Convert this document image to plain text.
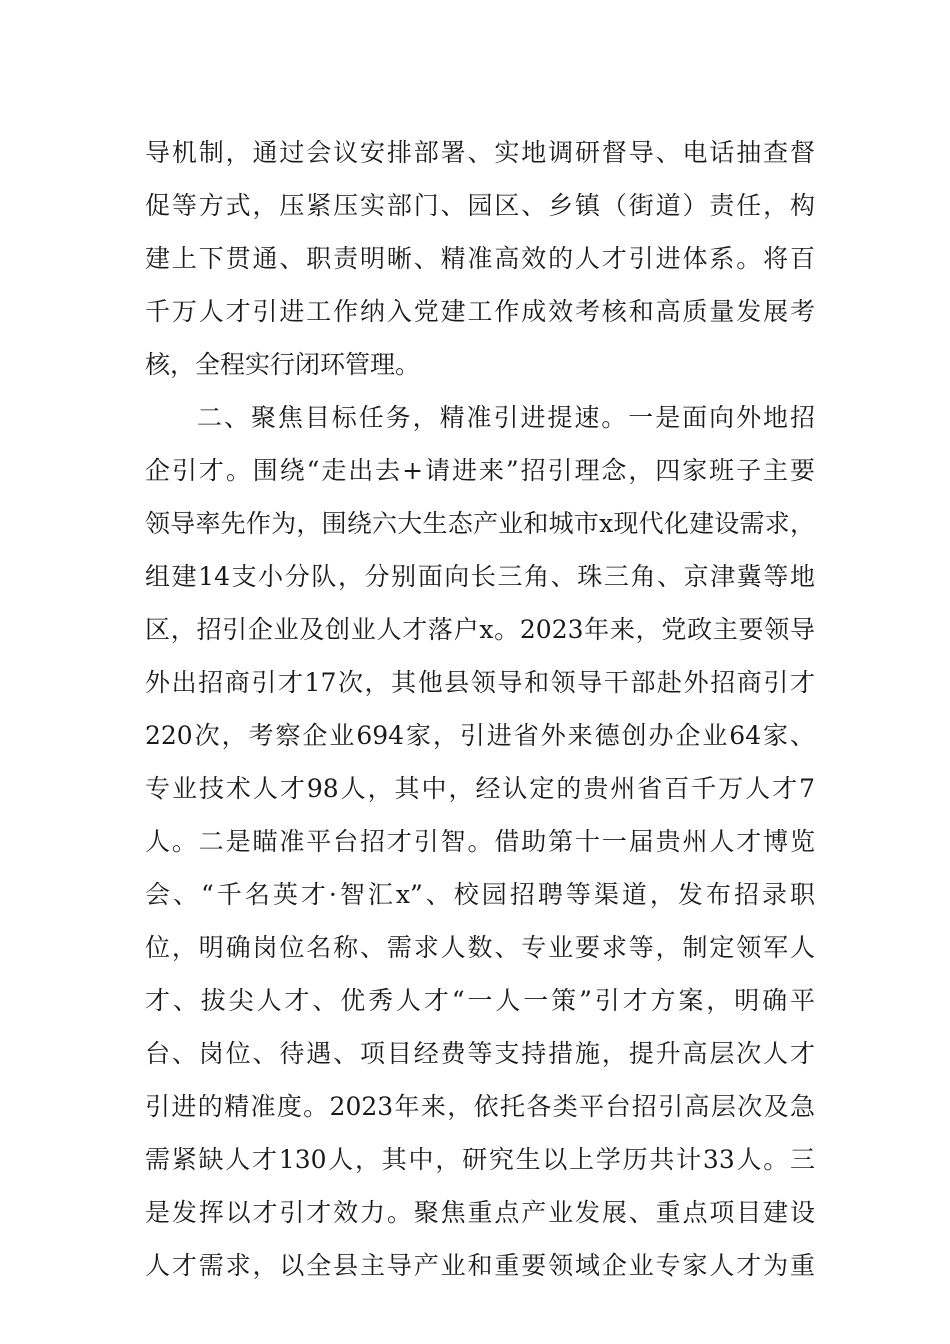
导机制，通过会议安排部署、实地调研督导、电话抽查督
促等方式，压紧压实部门、园区、乡镇（街道）责任，构
建上下贯通、职责明晰、精准高效的人才引进体系。将百
千万人才引进工作纳入党建工作成效考核和高质量发展考
核，全程实行闭环管理。
二、聚焦目标任务，精准引进提速。一是面向外地招
企引才。围绕“走出去+请进来”招引理念，四家班子主要
领导率先作为，围绕六大生态产业和城市x现代化建设需求，
组建14支小分队，分别面向长三角、珠三角、京津冀等地
区，招引企业及创业人才落户x。2023年来，党政主要领导
外出招商引才17次，其他县领导和领导干部赴外招商引才
220次，考察企业694家，引进省外来德创办企业64家、
专业技术人才98人，其中，经认定的贵州省百千万人才7
人。二是瞄准平台招才引智。借助第十一届贵州人才博览
会、“千名英才·智汇x”、校园招聘等渠道，发布招录职
位，明确岗位名称、需求人数、专业要求等，制定领军人
才、拔尖人才、优秀人才“一人一策”引才方案，明确平
台、岗位、待遇、项目经费等支持措施，提升高层次人才
引进的精准度。2023年来，依托各类平台招引高层次及急
需紧缺人才130人，其中，研究生以上学历共计33人。三
是发挥以才引才效力。聚焦重点产业发展、重点项目建设
人才需求，以全县主导产业和重要领域企业专家人才为重
